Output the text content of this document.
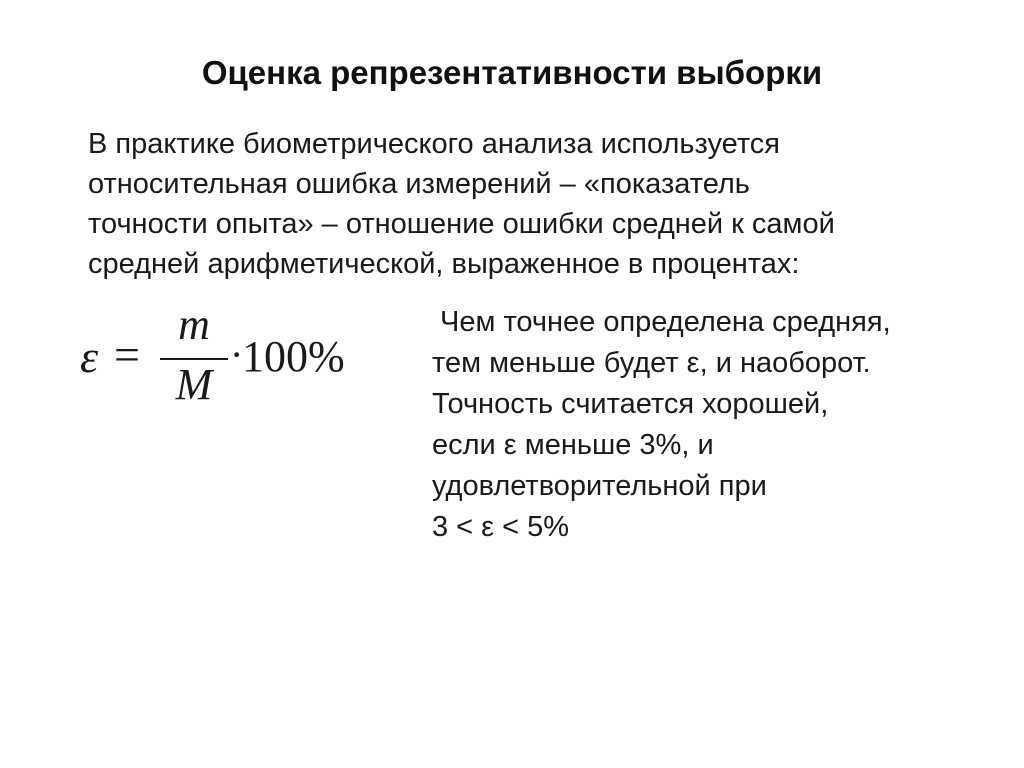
Оценка репрезентативности выборки
В практике биометрического анализа используется
относительная ошибка измерений – «показатель
точности опыта» – отношение ошибки средней к самой
средней арифметической, выраженное в процентах:
ε =
m
M
·
100%
Чем точнее определена средняя,
тем меньше будет ε, и наоборот.
Точность считается хорошей,
если ε меньше 3%, и
удовлетворительной при
3 < ε < 5%
